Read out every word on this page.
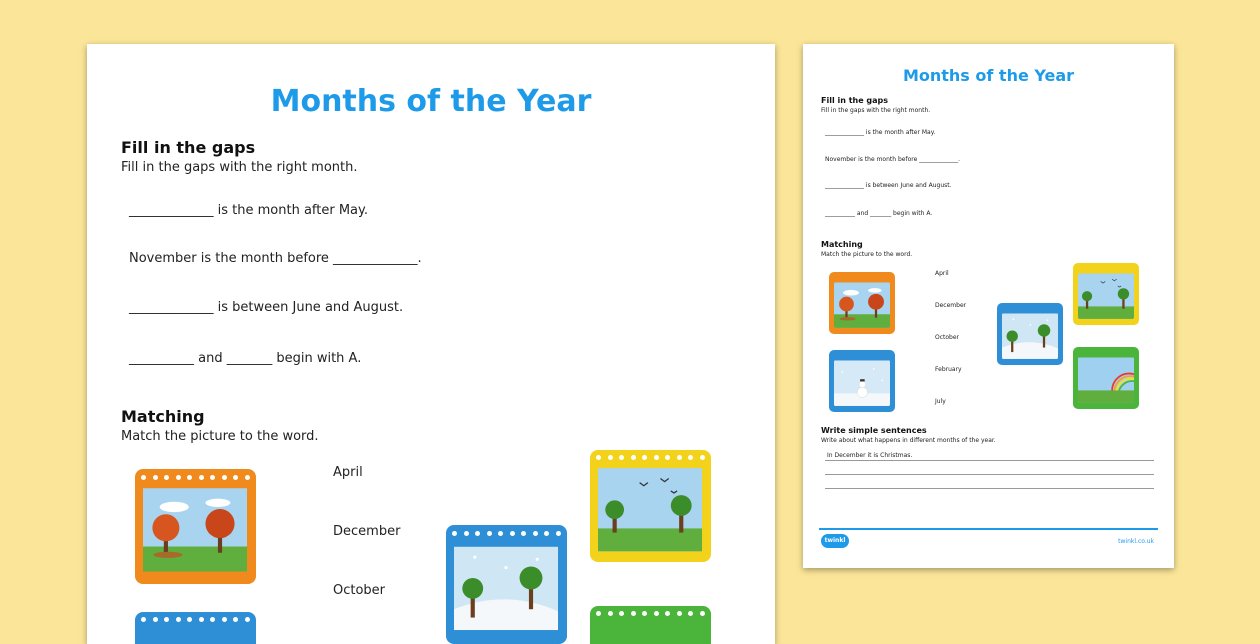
Months of the Year
Fill in the gaps
Fill in the gaps with the right month.
_____________ is the month after May.
November is the month before _____________.
_____________ is between June and August.
__________ and _______ begin with A.
Matching
Match the picture to the word.
April
December
October
Months of the Year
Fill in the gaps
Fill in the gaps with the right month.
_____________ is the month after May.
November is the month before _____________.
_____________ is between June and August.
__________ and _______ begin with A.
Matching
Match the picture to the word.
April
December
October
February
July
Write simple sentences
Write about what happens in different months of the year.
In December it is Christmas.
twinkl	twinkl.co.uk
